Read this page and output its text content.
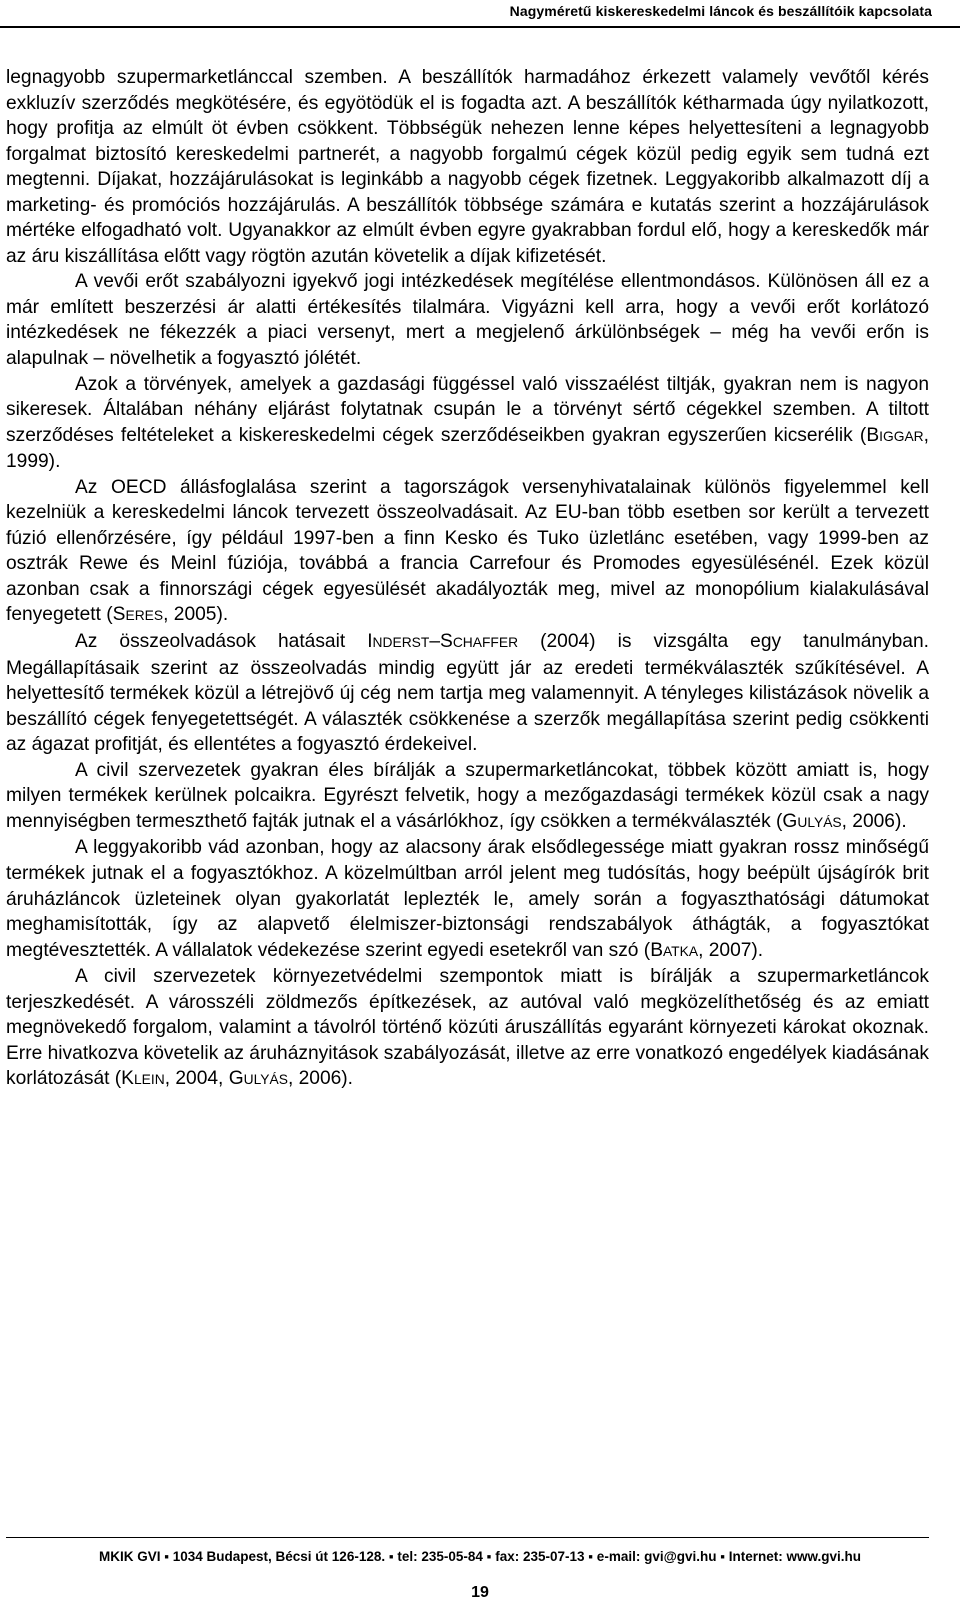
Nagyméretű kiskereskedelmi láncok és beszállítóik kapcsolata

legnagyobb szupermarketlánccal szemben. A beszállítók harmadához érkezett valamely vevőtől kérés exkluzív szerződés megkötésére, és egyötödük el is fogadta azt. A beszállítók kétharmada úgy nyilatkozott, hogy profitja az elmúlt öt évben csökkent. Többségük nehezen lenne képes helyettesíteni a legnagyobb forgalmat biztosító kereskedelmi partnerét, a nagyobb forgalmú cégek közül pedig egyik sem tudná ezt megtenni. Díjakat, hozzájárulásokat is leginkább a nagyobb cégek fizetnek. Leggyakoribb alkalmazott díj a marketing- és promóciós hozzájárulás. A beszállítók többsége számára e kutatás szerint a hozzájárulások mértéke elfogadható volt. Ugyanakkor az elmúlt évben egyre gyakrabban fordul elő, hogy a kereskedők már az áru kiszállítása előtt vagy rögtön azután követelik a díjak kifizetését.

A vevői erőt szabályozni igyekvő jogi intézkedések megítélése ellentmondásos. Különösen áll ez a már említett beszerzési ár alatti értékesítés tilalmára. Vigyázni kell arra, hogy a vevői erőt korlátozó intézkedések ne fékezzék a piaci versenyt, mert a megjelenő árkülönbségek – még ha vevői erőn is alapulnak – növelhetik a fogyasztó jólétét.

Azok a törvények, amelyek a gazdasági függéssel való visszaélést tiltják, gyakran nem is nagyon sikeresek. Általában néhány eljárást folytatnak csupán le a törvényt sértő cégekkel szemben. A tiltott szerződéses feltételeket a kiskereskedelmi cégek szerződéseikben gyakran egyszerűen kicserélik (BIGGAR, 1999).

Az OECD állásfoglalása szerint a tagországok versenyhivatalainak különös figyelemmel kell kezelniük a kereskedelmi láncok tervezett összeolvadásait. Az EU-ban több esetben sor került a tervezett fúzió ellenőrzésére, így például 1997-ben a finn Kesko és Tuko üzletlánc esetében, vagy 1999-ben az osztrák Rewe és Meinl fúziója, továbbá a francia Carrefour és Promodes egyesülésénél. Ezek közül azonban csak a finnországi cégek egyesülését akadályozták meg, mivel az monopólium kialakulásával fenyegetett (SERES, 2005).

Az összeolvadások hatásait INDERST–SCHAFFER (2004) is vizsgálta egy tanulmányban. Megállapításaik szerint az összeolvadás mindig együtt jár az eredeti termékválaszték szűkítésével. A helyettesítő termékek közül a létrejövő új cég nem tartja meg valamennyit. A tényleges kilistázások növelik a beszállító cégek fenyegetettségét. A választék csökkenése a szerzők megállapítása szerint pedig csökkenti az ágazat profitját, és ellentétes a fogyasztó érdekeivel.

A civil szervezetek gyakran éles bírálják a szupermarketláncokat, többek között amiatt is, hogy milyen termékek kerülnek polcaikra. Egyrészt felvetik, hogy a mezőgazdasági termékek közül csak a nagy mennyiségben termeszthető fajták jutnak el a vásárlókhoz, így csökken a termékválaszték (GULYÁS, 2006).

A leggyakoribb vád azonban, hogy az alacsony árak elsődlegessége miatt gyakran rossz minőségű termékek jutnak el a fogyasztókhoz. A közelmúltban arról jelent meg tudósítás, hogy beépült újságírók brit áruházláncok üzleteinek olyan gyakorlatát leplezték le, amely során a fogyaszthatósági dátumokat meghamisították, így az alapvető élelmiszer-biztonsági rendszabályok áthágták, a fogyasztókat megtévesztették. A vállalatok védekezése szerint egyedi esetekről van szó (BATKA, 2007).

A civil szervezetek környezetvédelmi szempontok miatt is bírálják a szupermarketláncok terjeszkedését. A városszéli zöldmezős építkezések, az autóval való megközelíthetőség és az emiatt megnövekedő forgalom, valamint a távolról történő közúti áruszállítás egyaránt környezeti károkat okoznak. Erre hivatkozva követelik az áruháznyitások szabályozását, illetve az erre vonatkozó engedélyek kiadásának korlátozását (KLEIN, 2004, GULYÁS, 2006).

MKIK GVI ▪ 1034 Budapest, Bécsi út 126-128. ▪ tel: 235-05-84 ▪ fax: 235-07-13 ▪ e-mail: gvi@gvi.hu ▪ Internet: www.gvi.hu
19
